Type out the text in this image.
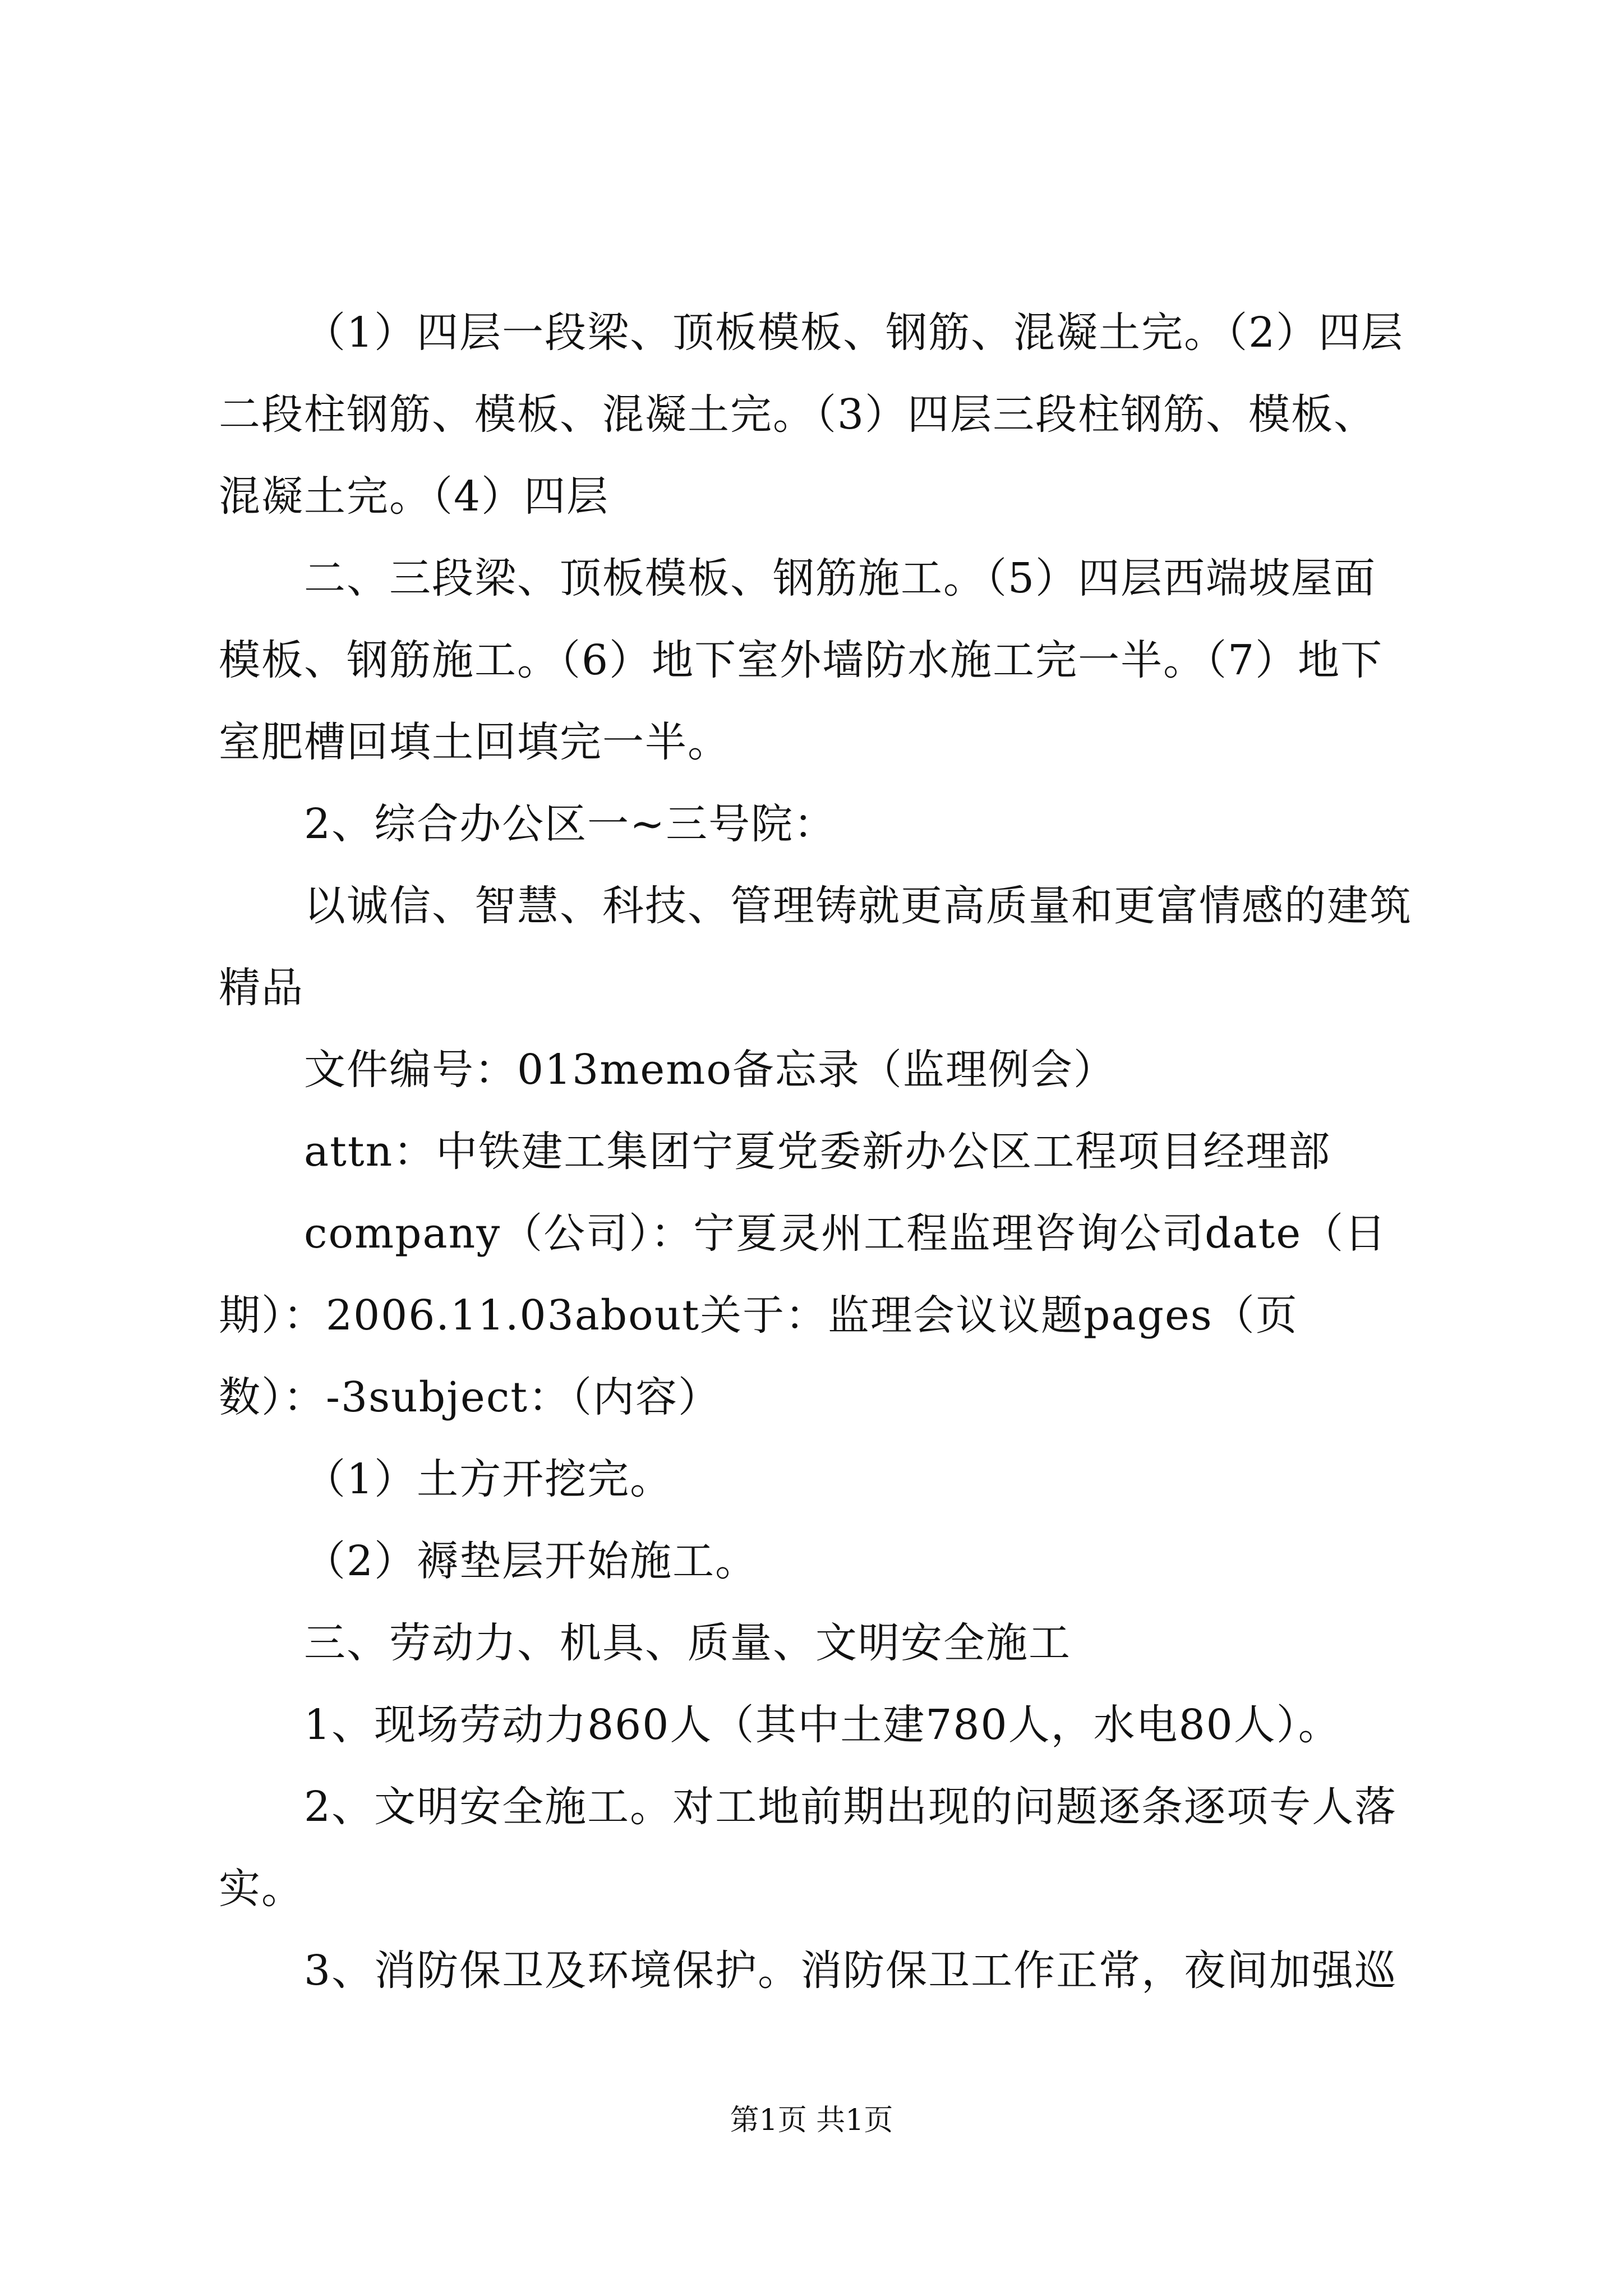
（1）四层一段梁、顶板模板、钢筋、混凝土完。（2）四层二段柱钢筋、模板、混凝土完。（3）四层三段柱钢筋、模板、混凝土完。（4）四层

二、三段梁、顶板模板、钢筋施工。（5）四层西端坡屋面模板、钢筋施工。（6）地下室外墙防水施工完一半。（7）地下室肥槽回填土回填完一半。

2、综合办公区一~三号院：

以诚信、智慧、科技、管理铸就更高质量和更富情感的建筑精品

文件编号：013memo备忘录（监理例会）

attn：中铁建工集团宁夏党委新办公区工程项目经理部

company（公司）：宁夏灵州工程监理咨询公司date（日期）：2006.11.03about关于：监理会议议题pages（页数）：-3subject：（内容）

（1）土方开挖完。

（2）褥垫层开始施工。

三、劳动力、机具、质量、文明安全施工

1、现场劳动力860人（其中土建780人，水电80人）。

2、文明安全施工。对工地前期出现的问题逐条逐项专人落实。

3、消防保卫及环境保护。消防保卫工作正常，夜间加强巡

第1页 共1页
